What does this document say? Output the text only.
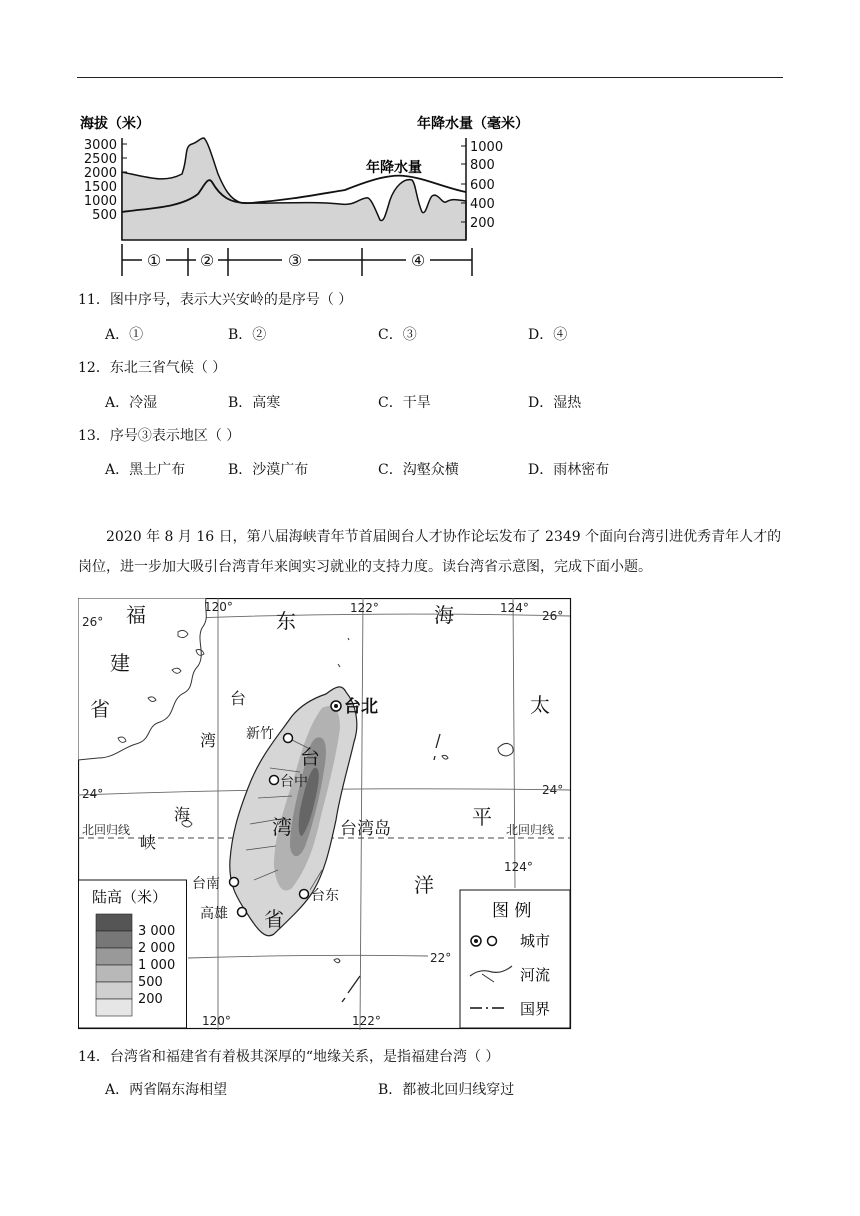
海拔（米）	年降水量（毫米）
3000
2500
2000
1500
1000
500
年降水量
1000
800
600
400
200
① ②	③	④
11．图中序号，表示大兴安岭的是序号（ ）
A．①	B．②	C．③	D．④
12．东北三省气候（ ）
A．冷湿	B．高寒	C．干旱	D．湿热
13．序号③表示地区（ ）
A．黑土广布	B．沙漠广布	C．沟壑众横	D．雨林密布
2020 年 8 月 16 日，第八届海峡青年节首届闽台人才协作论坛发布了 2349 个面向台湾引进优秀青年人才的岗位，进一步加大吸引台湾青年来闽实习就业的支持力度。读台湾省示意图，完成下面小题。
120°	122°	124°
124°
120°	122°
26°	26°
24°	24°
22°
北回归线	北回归线
福
建
省
东	海
太
平
洋
台
湾
海
峡
台
湾
省
台湾岛
台北
新竹
台中
台南
高雄
台东
陆高（米）
3 000
2 000
1 000
500
200
图 例
城市
河流
国界
14．台湾省和福建省有着极其深厚的“地缘关系，是指福建台湾（ ）
A．两省隔东海相望	B．都被北回归线穿过
